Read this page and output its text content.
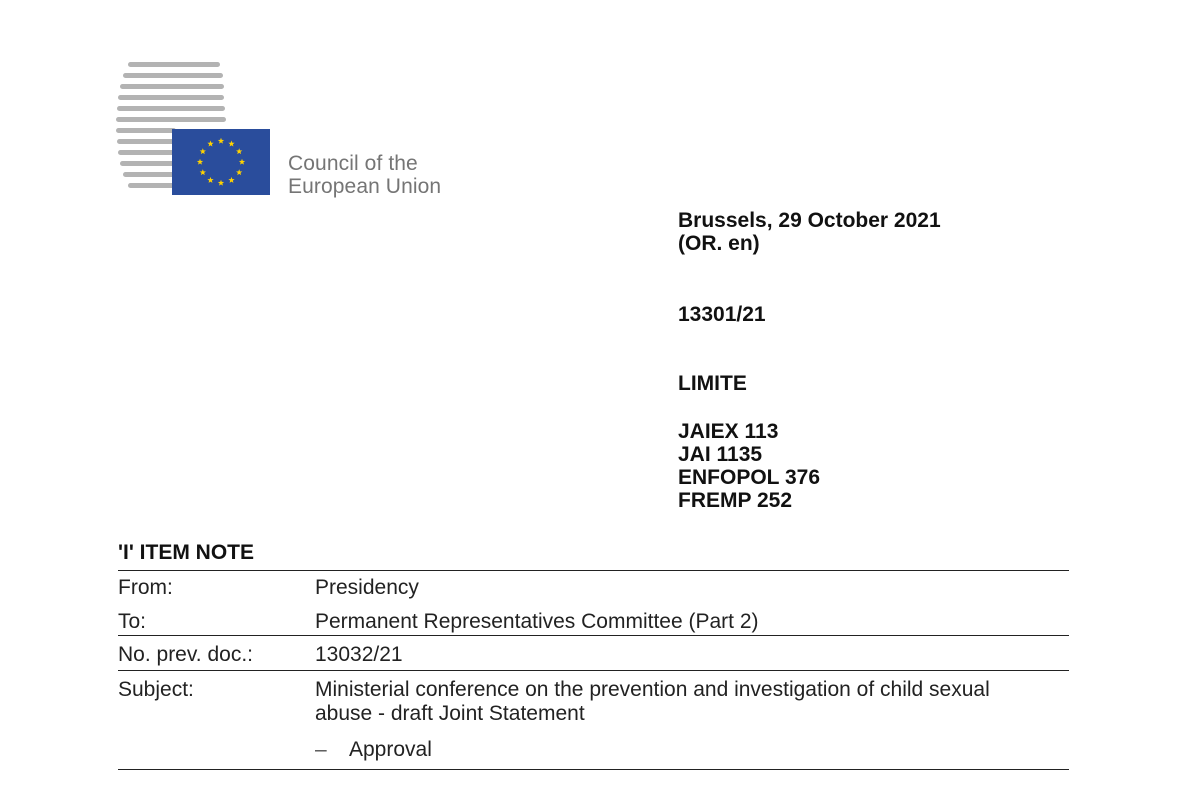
Council of the
European Union
Brussels, 29 October 2021
(OR. en)
13301/21
LIMITE
JAIEX 113
JAI 1135
ENFOPOL 376
FREMP 252
'I' ITEM NOTE
From:	Presidency
To:	Permanent Representatives Committee (Part 2)
No. prev. doc.:	13032/21
Subject:	Ministerial conference on the prevention and investigation of child sexual
abuse - draft Joint Statement
–	Approval
